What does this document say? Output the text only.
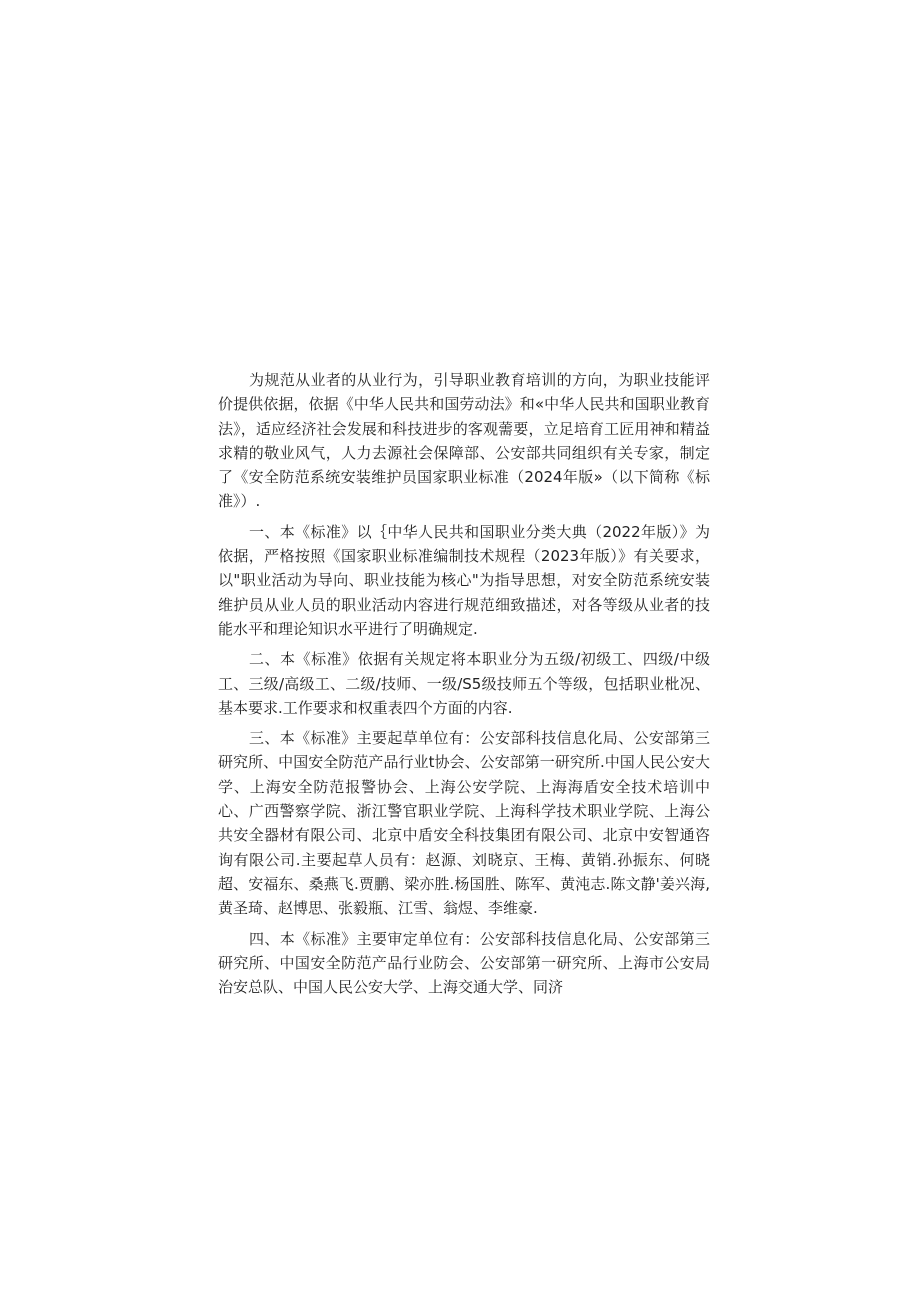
为规范从业者的从业行为，引导职业教育培训的方向，为职业技能评价提供依据，依据《中华人民共和国劳动法》和«中华人民共和国职业教育法》，适应经济社会发展和科技进步的客观薷要，立足培育工匠用神和精益求精的敬业风气，人力去源社会保障部、公安部共同组织有关专家，制定了《安全防范系统安装维护员国家职业标准（2024年版»（以下简称《标准》）.

一、本《标准》以｛中华人民共和国职业分类大典（2022年版）》为依据，严格按照《国家职业标准编制技术规程（2023年版）》有关要求，以"职业活动为导向、职业技能为核心"为指导思想，对安全防范系统安装维护员从业人员的职业活动内容进行规范细致描述，对各等级从业者的技能水平和理论知识水平进行了明确规定.

二、本《标准》依据有关规定将本职业分为五级/初级工、四级/中级工、三级/高级工、二级/技师、一级/S5级技师五个等级，包括职业枇况、基本要求.工作要求和权重表四个方面的内容.

三、本《标准》主要起草单位有：公安部科技信息化局、公安部第三研究所、中国安全防范产品行业t协会、公安部第一研究所.中国人民公安大学、上海安全防范报警协会、上海公安学院、上海海盾安全技术培训中心、广西警察学院、浙江警官职业学院、上海科学技术职业学院、上海公共安全器材有限公司、北京中盾安全科技集团有限公司、北京中安智通咨询有限公司.主要起草人员有：赵源、刘晓京、王梅、黄销.孙振东、何晓超、安福东、桑燕飞.贾鹏、梁亦胜.杨国胜、陈军、黄沌志.陈文静'姜兴海,黄圣琦、赵博思、张毅瓶、江雪、翁煜、李维豪.

四、本《标准》主要审定单位有：公安部科技信息化局、公安部第三研究所、中国安全防范产品行业防会、公安部第一研究所、上海市公安局治安总队、中国人民公安大学、上海交通大学、同济
